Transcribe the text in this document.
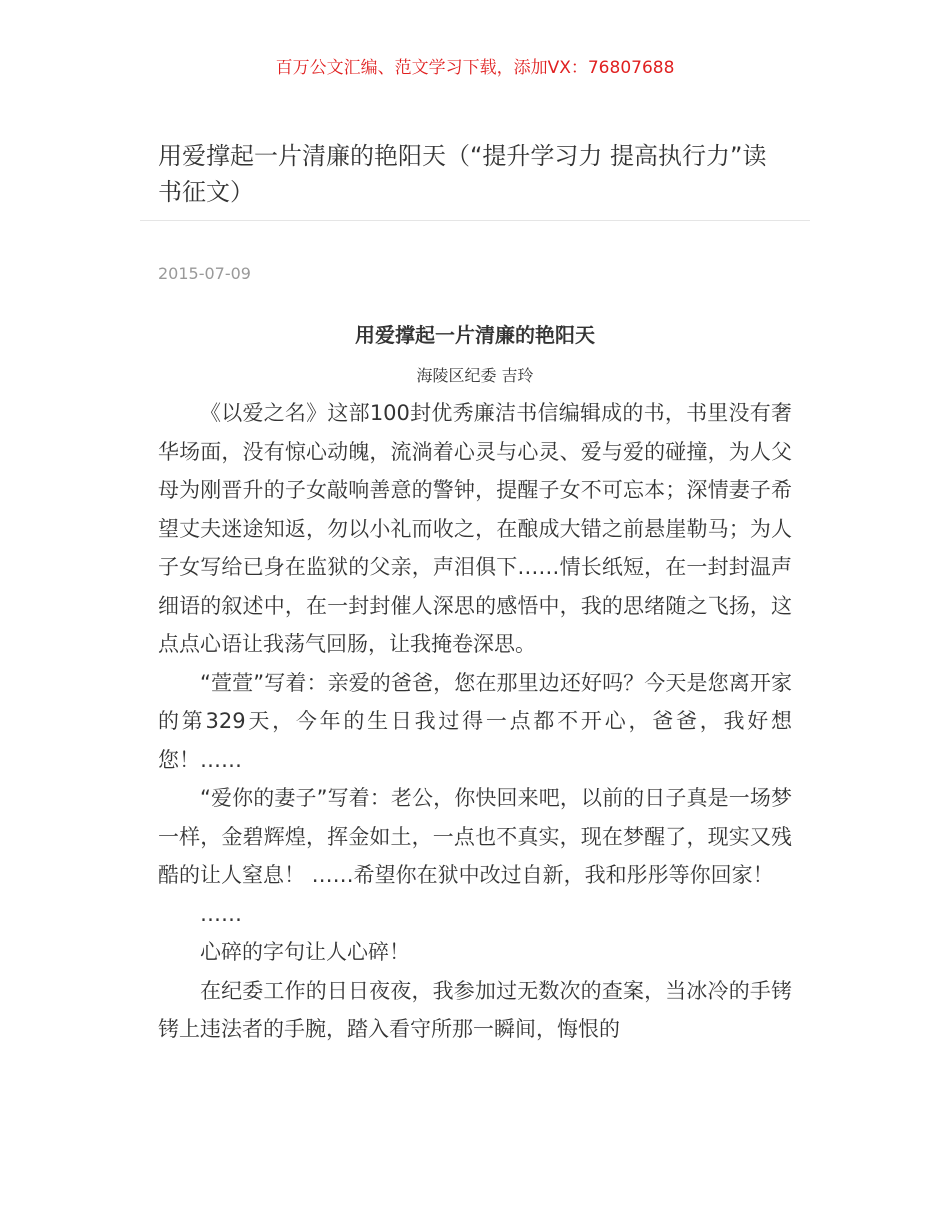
百万公文汇编、范文学习下载，添加VX：76807688
用爱撑起一片清廉的艳阳天（“提升学习力 提高执行力”读书征文）
2015-07-09
用爱撑起一片清廉的艳阳天
海陵区纪委 吉玲

《以爱之名》这部100封优秀廉洁书信编辑成的书，书里没有奢华场面，没有惊心动魄，流淌着心灵与心灵、爱与爱的碰撞，为人父母为刚晋升的子女敲响善意的警钟，提醒子女不可忘本；深情妻子希望丈夫迷途知返，勿以小礼而收之，在酿成大错之前悬崖勒马；为人子女写给已身在监狱的父亲，声泪俱下……情长纸短，在一封封温声细语的叙述中，在一封封催人深思的感悟中，我的思绪随之飞扬，这点点心语让我荡气回肠，让我掩卷深思。

“萱萱”写着：亲爱的爸爸，您在那里边还好吗？今天是您离开家的第329天，今年的生日我过得一点都不开心，爸爸，我好想您！……

“爱你的妻子”写着：老公，你快回来吧，以前的日子真是一场梦一样，金碧辉煌，挥金如土，一点也不真实，现在梦醒了，现实又残酷的让人窒息！ ……希望你在狱中改过自新，我和彤彤等你回家！

……

心碎的字句让人心碎！

在纪委工作的日日夜夜，我参加过无数次的查案，当冰冷的手铐铐上违法者的手腕，踏入看守所那一瞬间，悔恨的
